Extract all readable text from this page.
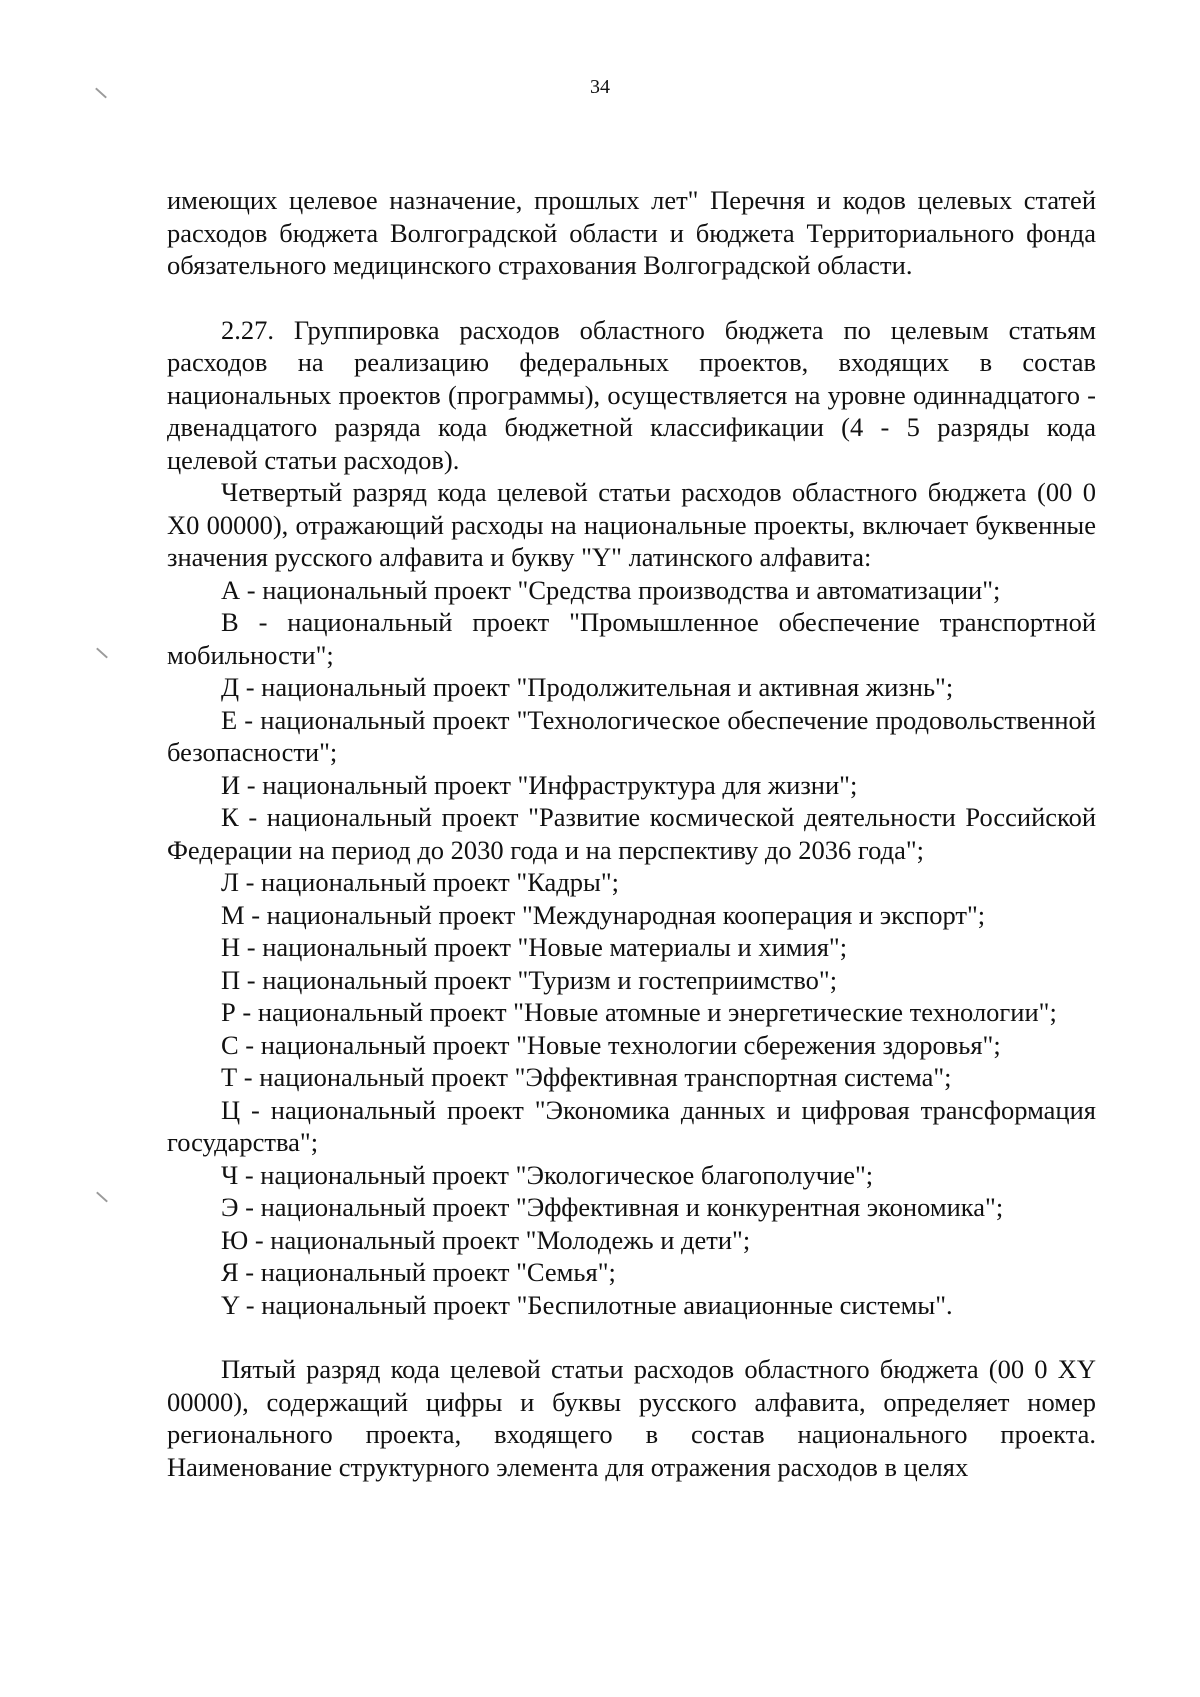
34

имеющих целевое назначение, прошлых лет" Перечня и кодов целевых статей расходов бюджета Волгоградской области и бюджета Территориального фонда обязательного медицинского страхования Волгоградской области.

2.27. Группировка расходов областного бюджета по целевым статьям расходов на реализацию федеральных проектов, входящих в состав национальных проектов (программы), осуществляется на уровне одиннадцатого - двенадцатого разряда кода бюджетной классификации (4 - 5 разряды кода целевой статьи расходов).

Четвертый разряд кода целевой статьи расходов областного бюджета (00 0 Х0 00000), отражающий расходы на национальные проекты, включает буквенные значения русского алфавита и букву "Y" латинского алфавита:

А - национальный проект "Средства производства и автоматизации";

В - национальный проект "Промышленное обеспечение транспортной мобильности";

Д - национальный проект "Продолжительная и активная жизнь";

Е - национальный проект "Технологическое обеспечение продовольственной безопасности";

И - национальный проект "Инфраструктура для жизни";

К - национальный проект "Развитие космической деятельности Российской Федерации на период до 2030 года и на перспективу до 2036 года";

Л - национальный проект "Кадры";

М - национальный проект "Международная кооперация и экспорт";

Н - национальный проект "Новые материалы и химия";

П - национальный проект "Туризм и гостеприимство";

Р - национальный проект "Новые атомные и энергетические технологии";

С - национальный проект "Новые технологии сбережения здоровья";

Т - национальный проект "Эффективная транспортная система";

Ц - национальный проект "Экономика данных и цифровая трансформация государства";

Ч - национальный проект "Экологическое благополучие";

Э - национальный проект "Эффективная и конкурентная экономика";

Ю - национальный проект "Молодежь и дети";

Я - национальный проект "Семья";

Y - национальный проект "Беспилотные авиационные системы".

Пятый разряд кода целевой статьи расходов областного бюджета (00 0 XY 00000), содержащий цифры и буквы русского алфавита, определяет номер регионального проекта, входящего в состав национального проекта. Наименование структурного элемента для отражения расходов в целях
